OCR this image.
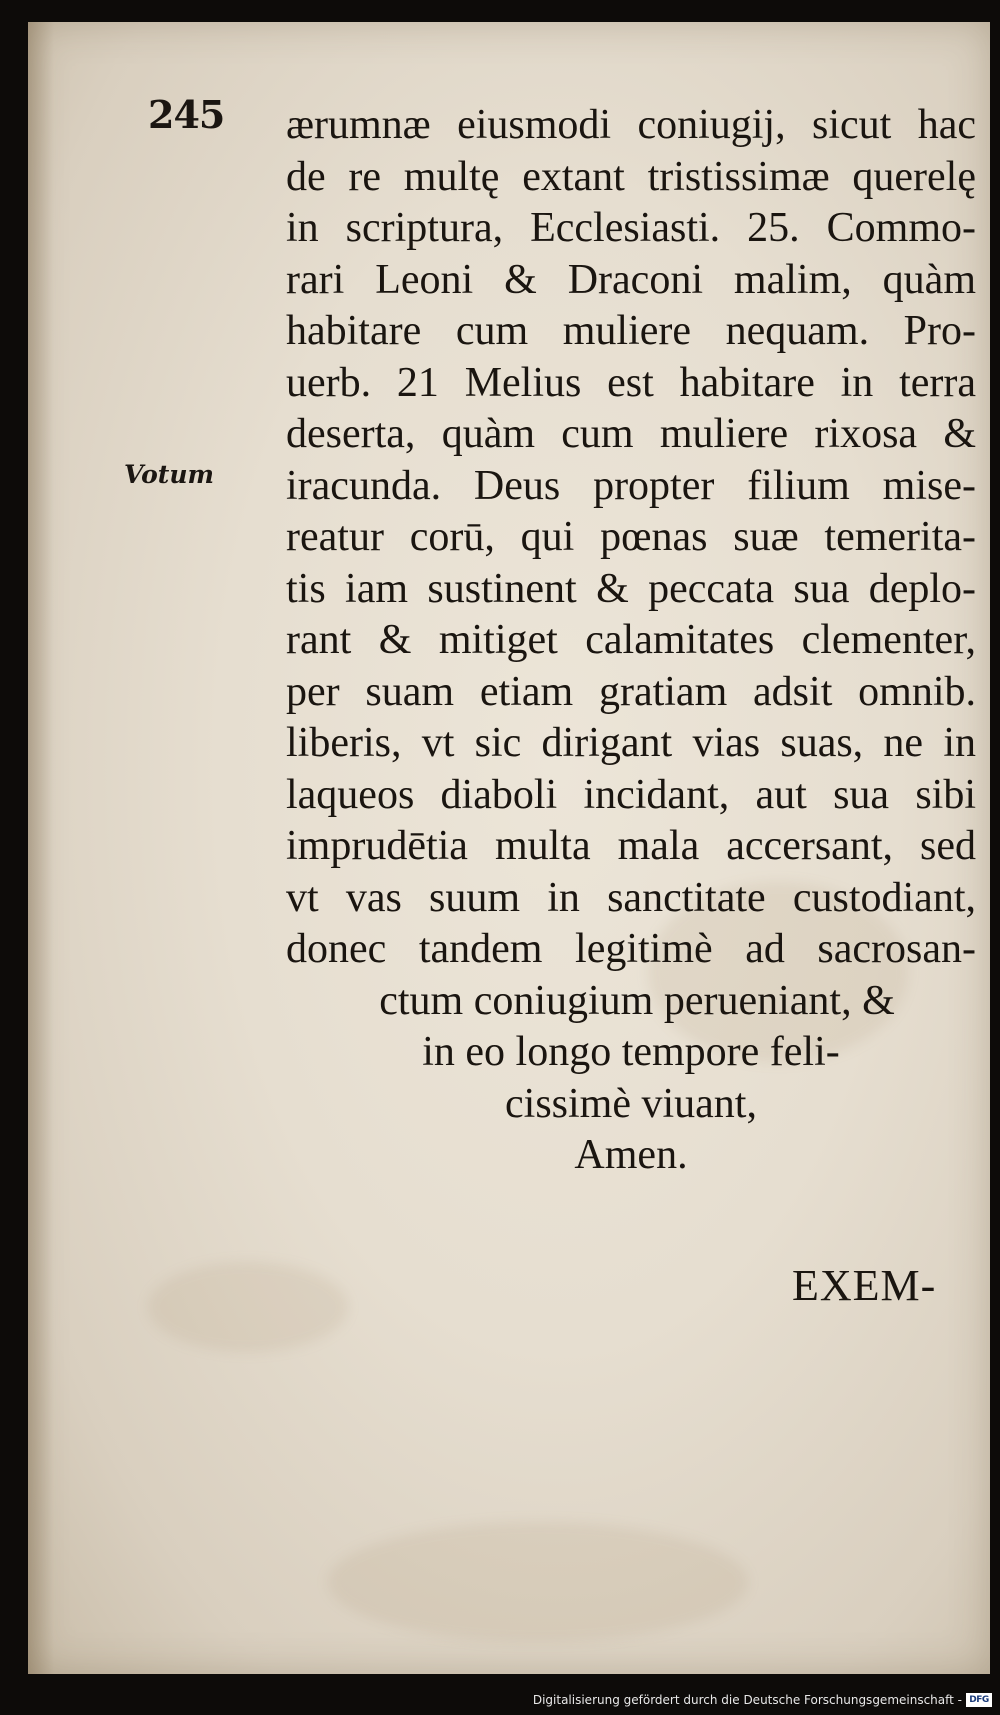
245
Votum
ærumnæ eiusmodi coniugij, sicut hac
de re multę extant tristissimæ querelę
in scriptura, Ecclesiasti. 25. Commo-
rari Leoni & Draconi malim, quàm
habitare cum muliere nequam. Pro-
uerb. 21 Melius est habitare in terra
deserta, quàm cum muliere rixosa &
iracunda. Deus propter filium mise-
reatur corū, qui pœnas suæ temerita-
tis iam sustinent & peccata sua deplo-
rant & mitiget calamitates clementer,
per suam etiam gratiam adsit omnib.
liberis, vt sic dirigant vias suas, ne in
laqueos diaboli incidant, aut sua sibi
imprudētia multa mala accersant, sed
vt vas suum in sanctitate custodiant,
donec tandem legitimè ad sacrosan-
ctum coniugium perueniant, &
in eo longo tempore feli-
cissimè viuant,
Amen.
EXEM-
Digitalisierung gefördert durch die Deutsche Forschungsgemeinschaft - DFG
